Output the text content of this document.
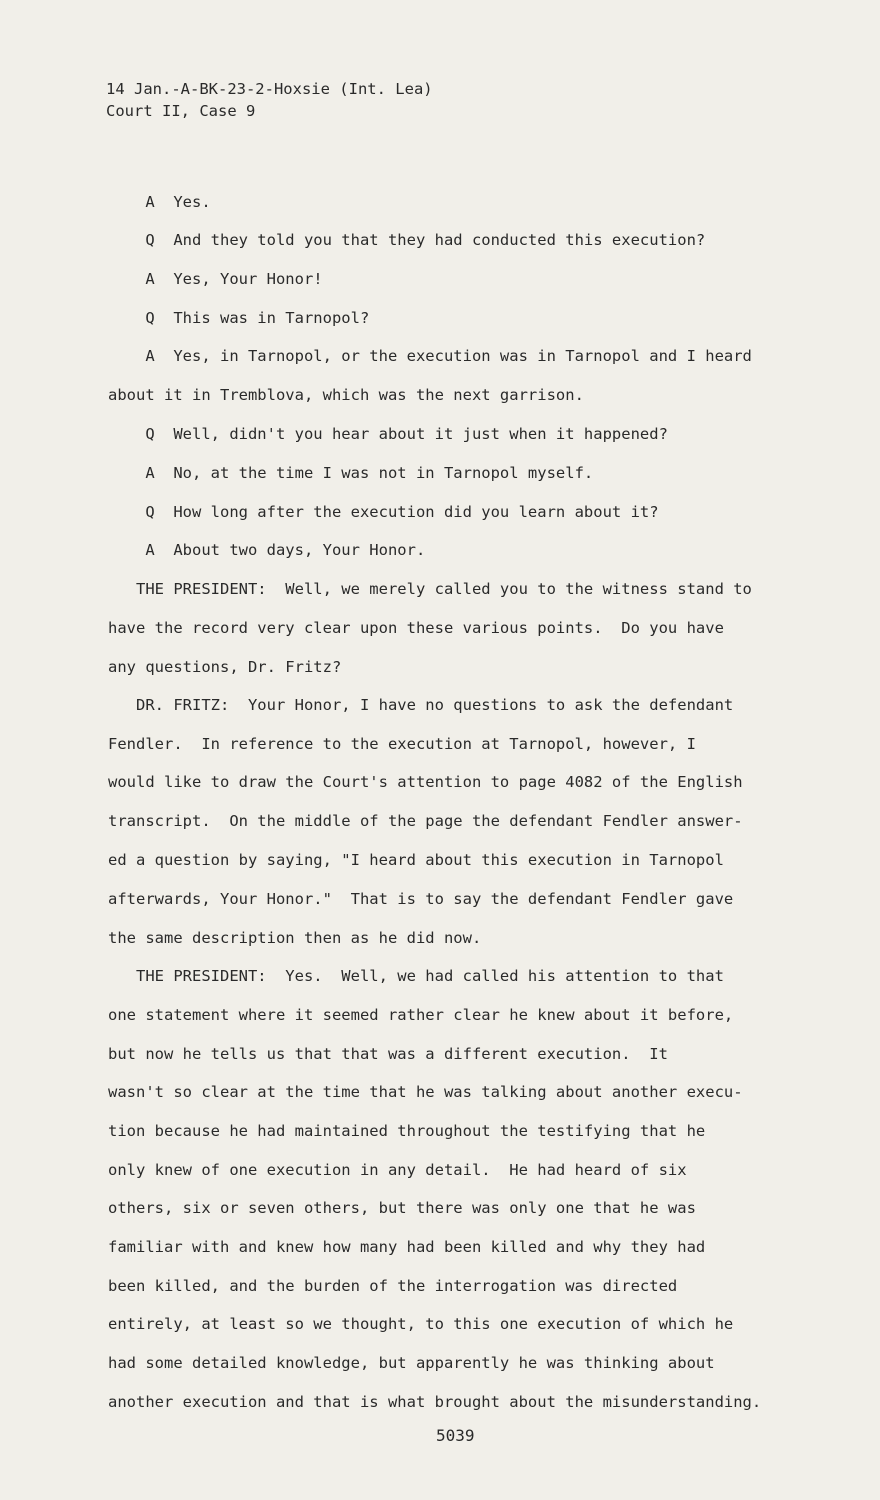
14 Jan.-A-BK-23-2-Hoxsie (Int. Lea)
Court II, Case 9
A  Yes.
Q  And they told you that they had conducted this execution?
A  Yes, Your Honor!
Q  This was in Tarnopol?
A  Yes, in Tarnopol, or the execution was in Tarnopol and I heard
about it in Tremblova, which was the next garrison.
Q  Well, didn't you hear about it just when it happened?
A  No, at the time I was not in Tarnopol myself.
Q  How long after the execution did you learn about it?
A  About two days, Your Honor.
THE PRESIDENT:  Well, we merely called you to the witness stand to
have the record very clear upon these various points.  Do you have
any questions, Dr. Fritz?
DR. FRITZ:  Your Honor, I have no questions to ask the defendant
Fendler.  In reference to the execution at Tarnopol, however, I
would like to draw the Court's attention to page 4082 of the English
transcript.  On the middle of the page the defendant Fendler answer-
ed a question by saying, "I heard about this execution in Tarnopol
afterwards, Your Honor."  That is to say the defendant Fendler gave
the same description then as he did now.
THE PRESIDENT:  Yes.  Well, we had called his attention to that
one statement where it seemed rather clear he knew about it before,
but now he tells us that that was a different execution.  It
wasn't so clear at the time that he was talking about another execu-
tion because he had maintained throughout the testifying that he
only knew of one execution in any detail.  He had heard of six
others, six or seven others, but there was only one that he was
familiar with and knew how many had been killed and why they had
been killed, and the burden of the interrogation was directed
entirely, at least so we thought, to this one execution of which he
had some detailed knowledge, but apparently he was thinking about
another execution and that is what brought about the misunderstanding.
5039
